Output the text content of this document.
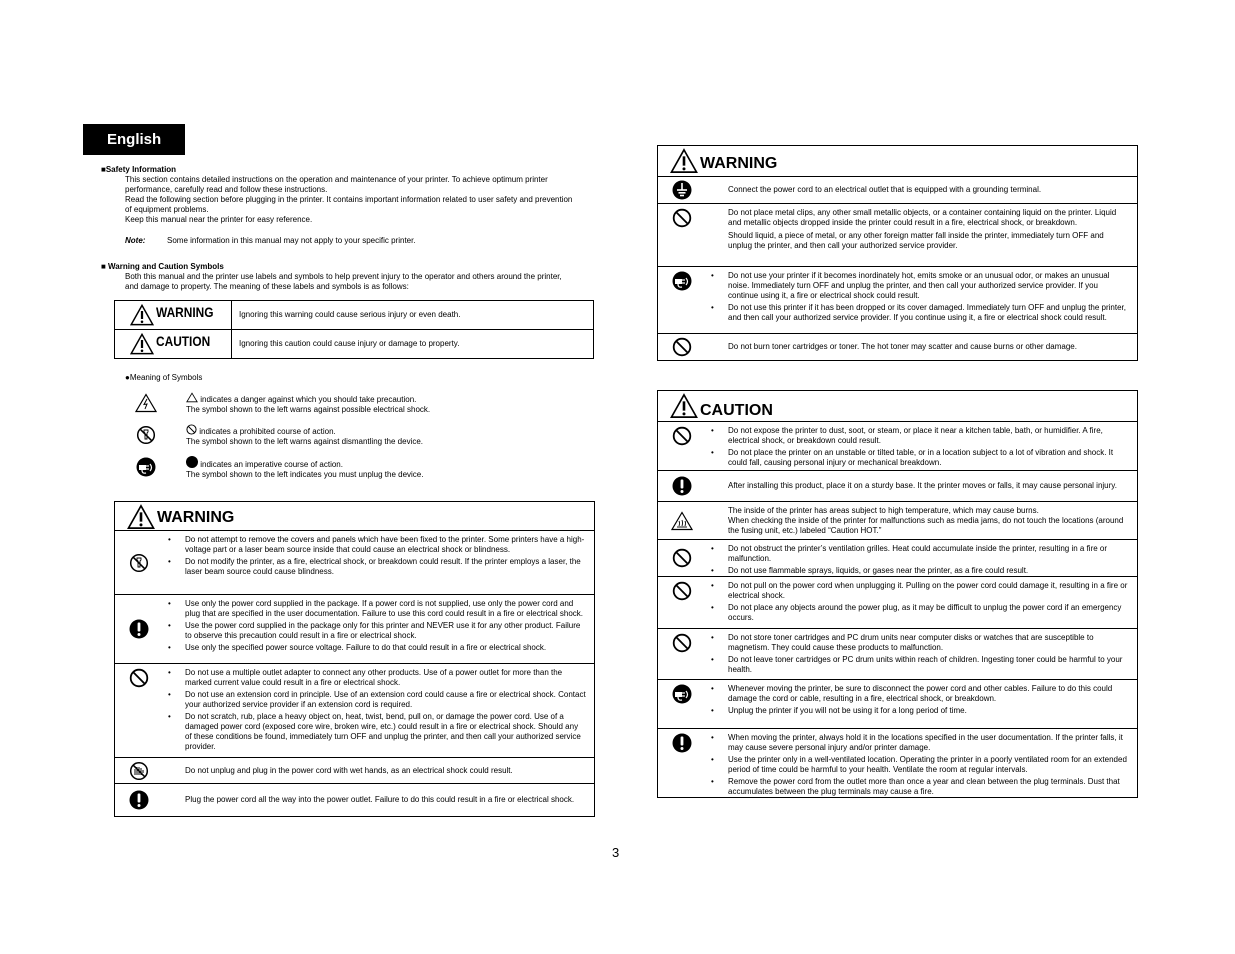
English
■Safety Information

This section contains detailed instructions on the operation and maintenance of your printer. To achieve optimum printer

performance, carefully read and follow these instructions.

Read the following section before plugging in the printer. It contains important information related to user safety and prevention

of equipment problems.

Keep this manual near the printer for easy reference.

Note:	Some information in this manual may not apply to your specific printer.
■ Warning and Caution Symbols

Both this manual and the printer use labels and symbols to help prevent injury to the operator and others around the printer,

and damage to property. The meaning of these labels and symbols is as follows:

WARNING	Ignoring this warning could cause serious injury or even death.
CAUTION	Ignoring this caution could cause injury or damage to property.
●Meaning of Symbols
indicates a danger against which you should take precaution.
The symbol shown to the left warns against possible electrical shock.
indicates a prohibited course of action.
The symbol shown to the left warns against dismantling the device.
indicates an imperative course of action.
The symbol shown to the left indicates you must unplug the device.
WARNING
• Do not attempt to remove the covers and panels which have been fixed to the printer. Some printers have a high-voltage part or a laser beam source inside that could cause an electrical shock or blindness.
• Do not modify the printer, as a fire, electrical shock, or breakdown could result. If the printer employs a laser, the laser beam source could cause blindness.
• Use only the power cord supplied in the package. If a power cord is not supplied, use only the power cord and plug that are specified in the user documentation. Failure to use this cord could result in a fire or electrical shock.
• Use the power cord supplied in the package only for this printer and NEVER use it for any other product. Failure to observe this precaution could result in a fire or electrical shock.
• Use only the specified power source voltage. Failure to do that could result in a fire or electrical shock.
• Do not use a multiple outlet adapter to connect any other products. Use of a power outlet for more than the marked current value could result in a fire or electrical shock.
• Do not use an extension cord in principle. Use of an extension cord could cause a fire or electrical shock. Contact your authorized service provider if an extension cord is required.
• Do not scratch, rub, place a heavy object on, heat, twist, bend, pull on, or damage the power cord. Use of a damaged power cord (exposed core wire, broken wire, etc.) could result in a fire or electrical shock. Should any of these conditions be found, immediately turn OFF and unplug the printer, and then call your authorized service provider.
Do not unplug and plug in the power cord with wet hands, as an electrical shock could result.
Plug the power cord all the way into the power outlet. Failure to do this could result in a fire or electrical shock.
WARNING
Connect the power cord to an electrical outlet that is equipped with a grounding terminal.

Do not place metal clips, any other small metallic objects, or a container containing liquid on the printer. Liquid and metallic objects dropped inside the printer could result in a fire, electrical shock, or breakdown.

Should liquid, a piece of metal, or any other foreign matter fall inside the printer, immediately turn OFF and unplug the printer, and then call your authorized service provider.

• Do not use your printer if it becomes inordinately hot, emits smoke or an unusual odor, or makes an unusual noise. Immediately turn OFF and unplug the printer, and then call your authorized service provider. If you continue using it, a fire or electrical shock could result.
• Do not use this printer if it has been dropped or its cover damaged. Immediately turn OFF and unplug the printer, and then call your authorized service provider. If you continue using it, a fire or electrical shock could result.
Do not burn toner cartridges or toner. The hot toner may scatter and cause burns or other damage.
CAUTION
• Do not expose the printer to dust, soot, or steam, or place it near a kitchen table, bath, or humidifier. A fire, electrical shock, or breakdown could result.
• Do not place the printer on an unstable or tilted table, or in a location subject to a lot of vibration and shock. It could fall, causing personal injury or mechanical breakdown.
After installing this product, place it on a sturdy base. It the printer moves or falls, it may cause personal injury.

The inside of the printer has areas subject to high temperature, which may cause burns.

When checking the inside of the printer for malfunctions such as media jams, do not touch the locations (around the fusing unit, etc.) labeled “Caution HOT.”

• Do not obstruct the printer’s ventilation grilles. Heat could accumulate inside the printer, resulting in a fire or malfunction.
• Do not use flammable sprays, liquids, or gases near the printer, as a fire could result.
• Do not pull on the power cord when unplugging it. Pulling on the power cord could damage it, resulting in a fire or electrical shock.
• Do not place any objects around the power plug, as it may be difficult to unplug the power cord if an emergency occurs.
• Do not store toner cartridges and PC drum units near computer disks or watches that are susceptible to magnetism. They could cause these products to malfunction.
• Do not leave toner cartridges or PC drum units within reach of children. Ingesting toner could be harmful to your health.
• Whenever moving the printer, be sure to disconnect the power cord and other cables. Failure to do this could damage the cord or cable, resulting in a fire, electrical shock, or breakdown.
• Unplug the printer if you will not be using it for a long period of time.
• When moving the printer, always hold it in the locations specified in the user documentation. If the printer falls, it may cause severe personal injury and/or printer damage.
• Use the printer only in a well-ventilated location. Operating the printer in a poorly ventilated room for an extended period of time could be harmful to your health. Ventilate the room at regular intervals.
• Remove the power cord from the outlet more than once a year and clean between the plug terminals. Dust that accumulates between the plug terminals may cause a fire.
3
